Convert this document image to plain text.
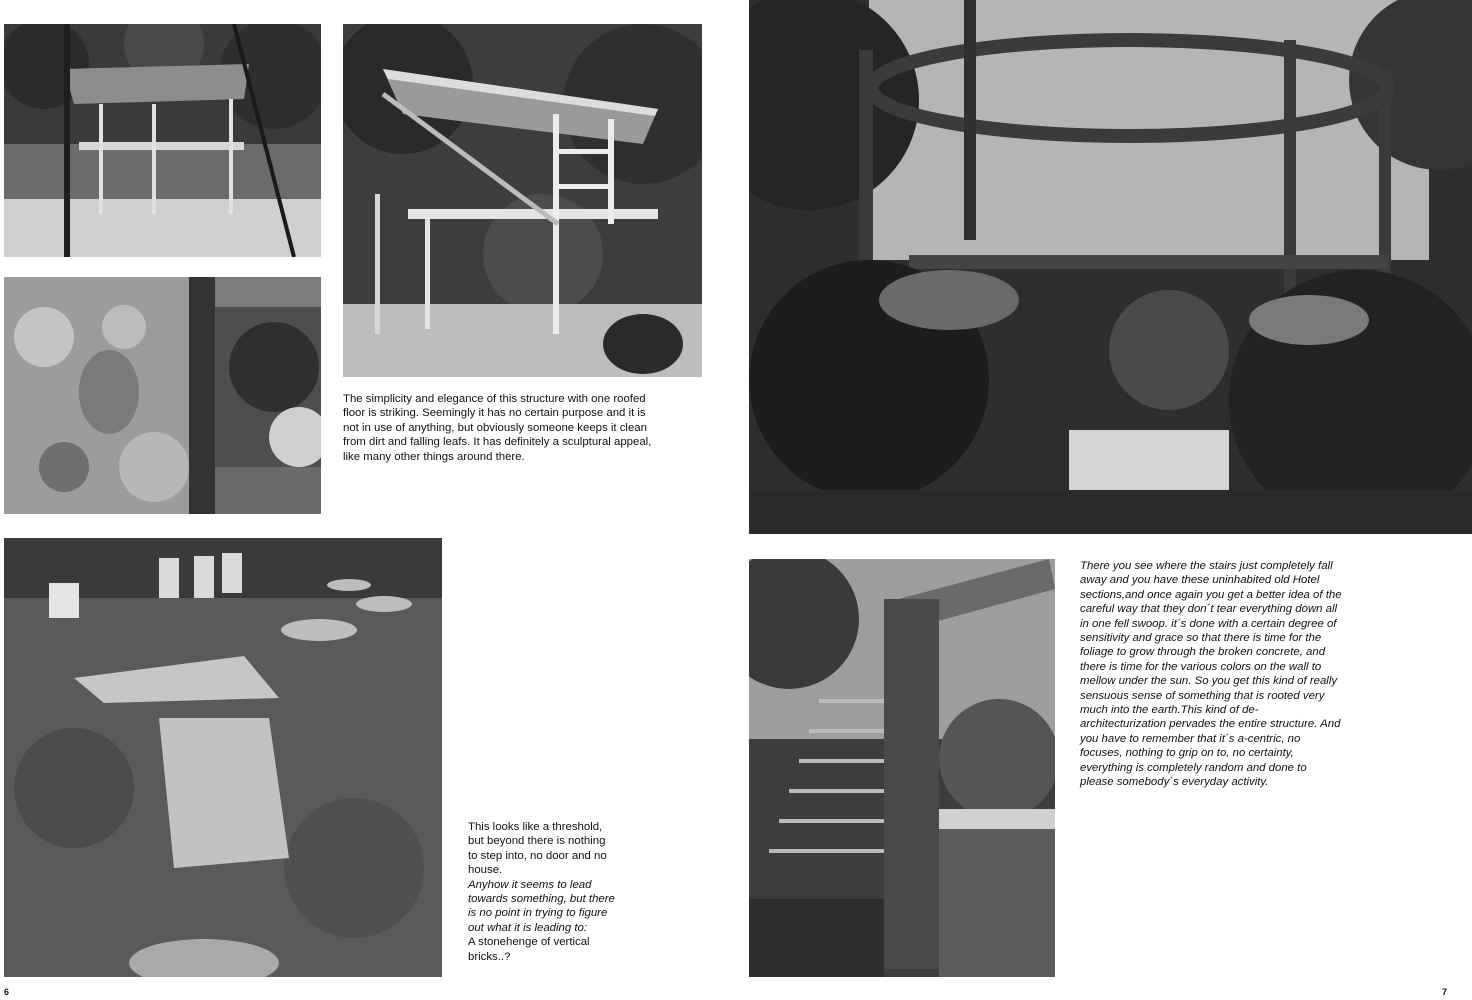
The simplicity and elegance of this structure with one roofed floor is striking. Seemingly it has no certain purpose and it is not in use of anything, but obviously someone keeps it clean from dirt and falling leafs. It has definitely a sculptural appeal, like many other things around there.

This looks like a threshold, but beyond there is nothing to step into, no door and no house.

Anyhow it seems to lead towards something, but there is no point in trying to figure out what it is leading to:

A stonehenge of vertical bricks..?

There you see where the stairs just completely fall away and you have these uninhabited old Hotel sections,and once again you get a better idea of the careful way that they don´t tear everything down all in one fell swoop. it´s done with a certain degree of sensitivity and grace so that there is time for the foliage to grow through the broken concrete, and there is time for the various colors on the wall to mellow under the sun. So you get this kind of really sensuous sense of something that is rooted very much into the earth.This kind of de-architecturization pervades the entire structure. And you have to remember that it´s a-centric, no focuses, nothing to grip on to, no certainty, everything is completely random and done to please somebody´s everyday activity.

6	7
